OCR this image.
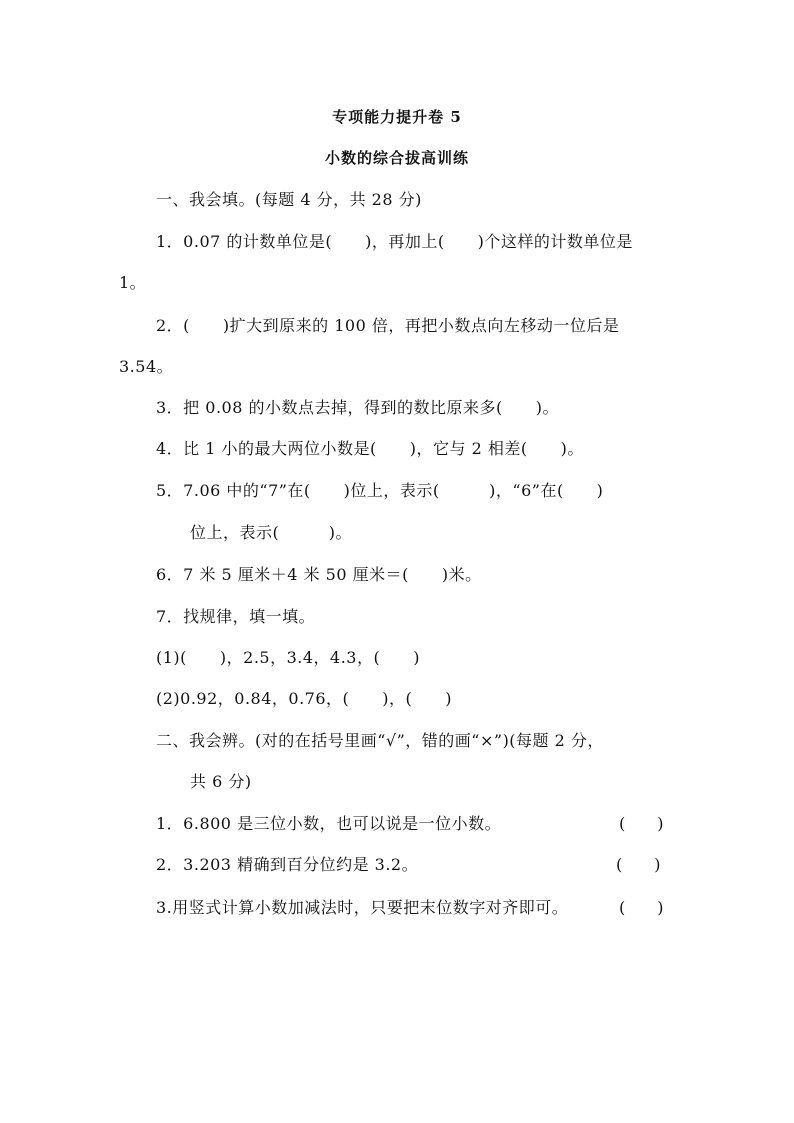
专项能力提升卷 5
小数的综合拔高训练
一、我会填。(每题 4 分，共 28 分)
1．0.07 的计数单位是(　　)，再加上(　　)个这样的计数单位是
1。
2．(　　)扩大到原来的 100 倍，再把小数点向左移动一位后是
3.54。
3．把 0.08 的小数点去掉，得到的数比原来多(　　)。
4．比 1 小的最大两位小数是(　　)，它与 2 相差(　　)。
5．7.06 中的“7”在(　　)位上，表示(　　　)，“6”在(　　)
位上，表示(　　　)。
6．7 米 5 厘米＋4 米 50 厘米＝(　　)米。
7．找规律，填一填。
(1)(　　)，2.5，3.4，4.3，(　　)
(2)0.92，0.84，0.76，(　　)，(　　)
二、我会辨。(对的在括号里画“√”，错的画“×”)(每题 2 分，
共 6 分)
1．6.800 是三位小数，也可以说是一位小数。	(　　)
2．3.203 精确到百分位约是 3.2。	(　　)
3.用竖式计算小数加减法时，只要把末位数字对齐即可。	(　　)
